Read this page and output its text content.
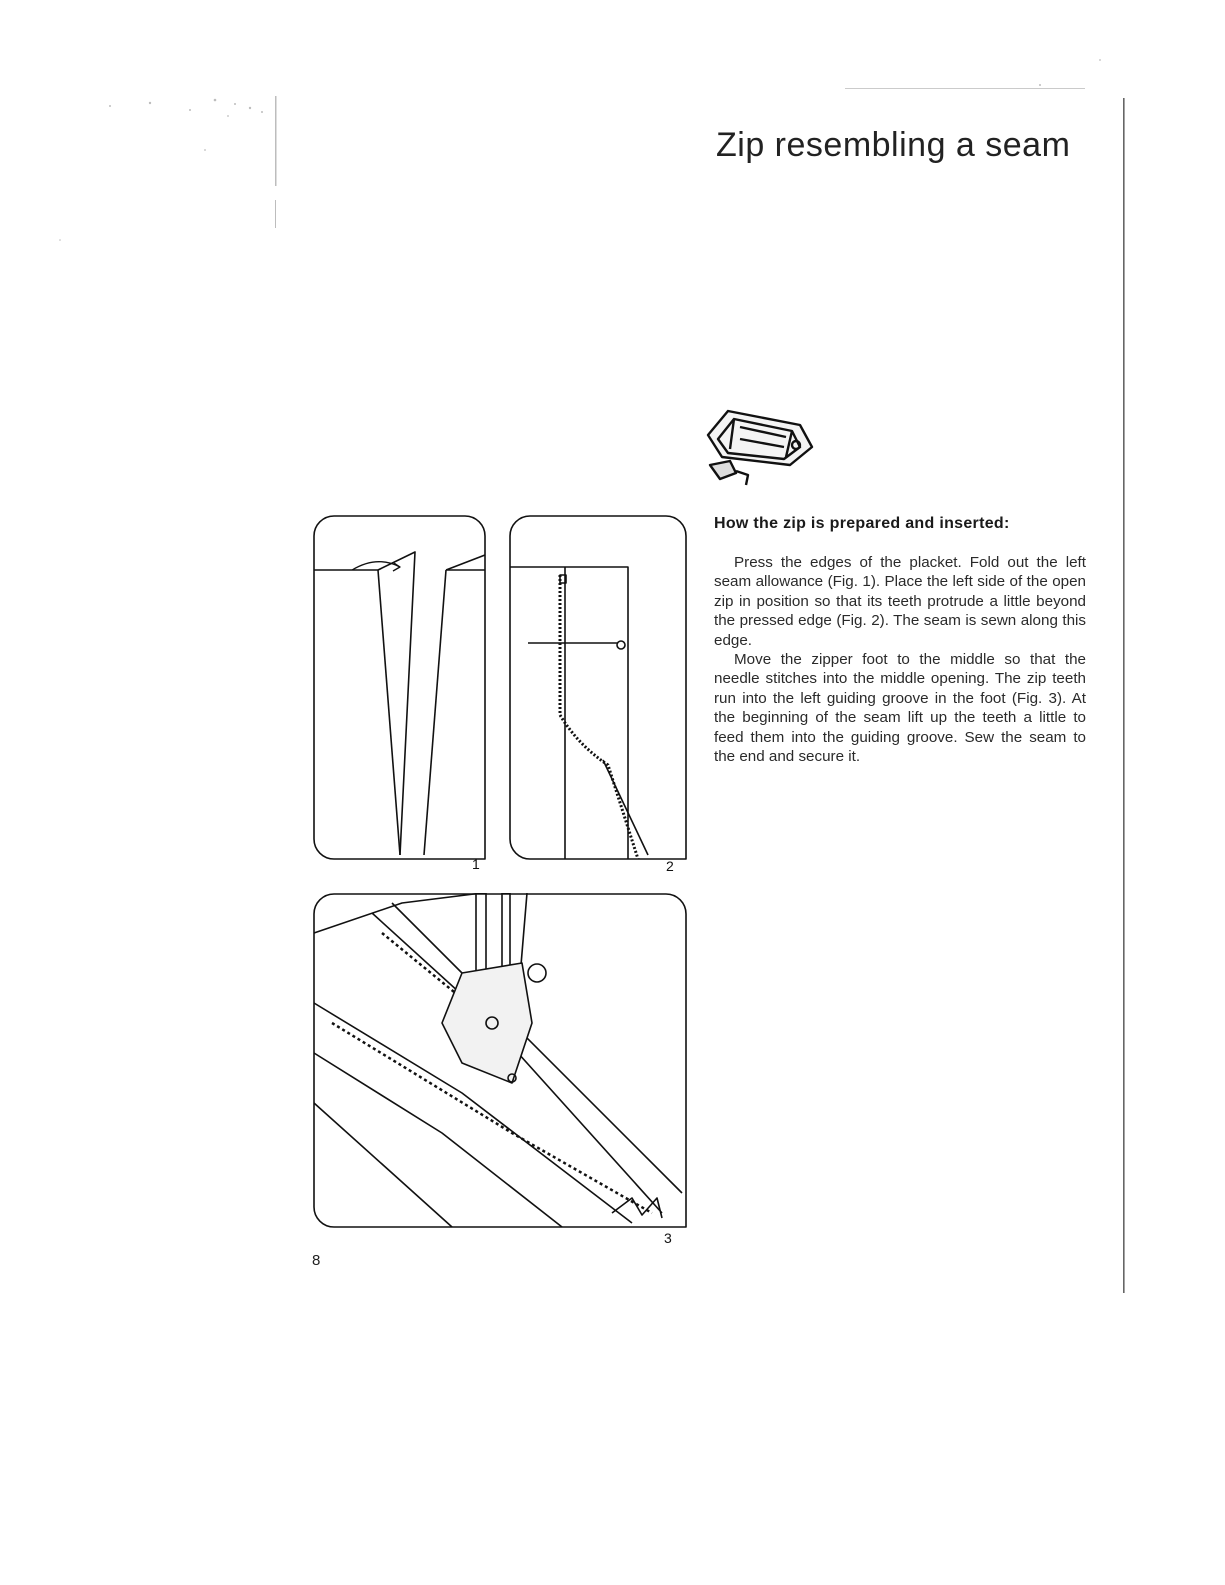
Zip resembling a seam
How the zip is prepared and inserted:

Press the edges of the placket. Fold out the left seam allowance (Fig. 1). Place the left side of the open zip in position so that its teeth protrude a little beyond the pressed edge (Fig. 2). The seam is sewn along this edge.

Move the zipper foot to the middle so that the needle stitches into the middle opening. The zip teeth run into the left guiding groove in the foot (Fig. 3). At the beginning of the seam lift up the teeth a little to feed them into the guiding groove. Sew the seam to the end and secure it.

1	2
3
8
